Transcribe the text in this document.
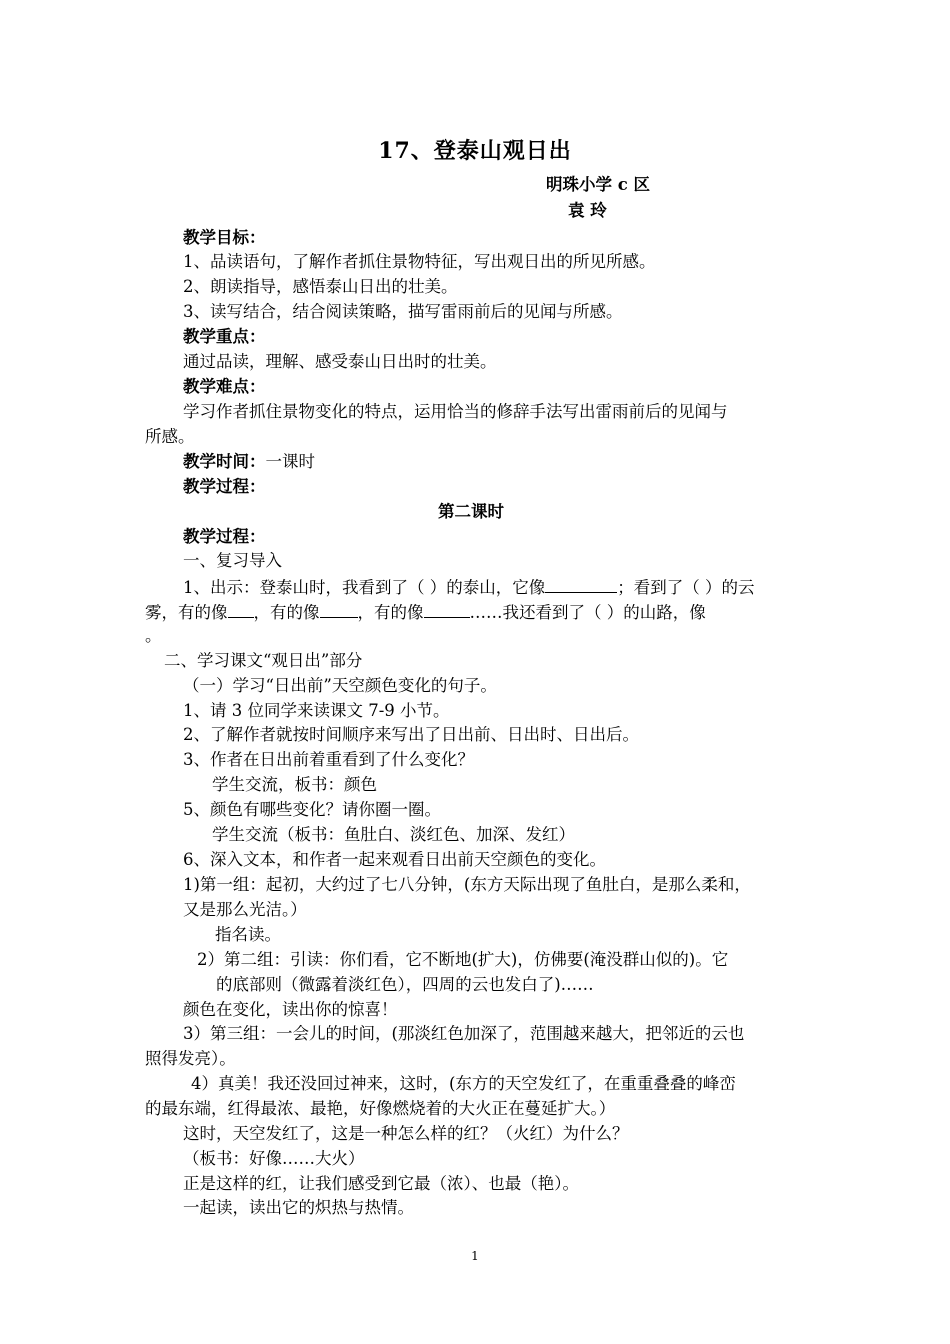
17、登泰山观日出
明珠小学 c 区
袁 玲
教学目标：
1、品读语句，了解作者抓住景物特征，写出观日出的所见所感。
2、朗读指导，感悟泰山日出的壮美。
3、读写结合，结合阅读策略，描写雷雨前后的见闻与所感。
教学重点：
通过品读，理解、感受泰山日出时的壮美。
教学难点：
学习作者抓住景物变化的特点，运用恰当的修辞手法写出雷雨前后的见闻与
所感。
教学时间：一课时
教学过程：
第二课时
教学过程：
一、复习导入
1、出示：登泰山时，我看到了（ ）的泰山，它像	；看到了（ ）的云
雾，有的像 ，有的像 ，有的像	……我还看到了（ ）的山路，像
。
二、学习课文“观日出”部分
（一）学习“日出前”天空颜色变化的句子。
1、请 3 位同学来读课文 7-9 小节。
2、了解作者就按时间顺序来写出了日出前、日出时、日出后。
3、作者在日出前着重看到了什么变化？
学生交流，板书：颜色
5、颜色有哪些变化？请你圈一圈。
学生交流（板书：鱼肚白、淡红色、加深、发红）
6、深入文本，和作者一起来观看日出前天空颜色的变化。
1)第一组：起初，大约过了七八分钟，(东方天际出现了鱼肚白，是那么柔和，
又是那么光洁。）
指名读。
2）第二组：引读：你们看，它不断地(扩大)，仿佛要(淹没群山似的)。它
的底部则（微露着淡红色），四周的云也发白了)……
颜色在变化，读出你的惊喜！
3）第三组：一会儿的时间，(那淡红色加深了，范围越来越大，把邻近的云也
照得发亮）。
4）真美！我还没回过神来，这时，(东方的天空发红了，在重重叠叠的峰峦
的最东端，红得最浓、最艳，好像燃烧着的大火正在蔓延扩大。）
这时，天空发红了，这是一种怎么样的红？（火红）为什么？
（板书：好像……大火）
正是这样的红，让我们感受到它最（浓）、也最（艳）。
一起读，读出它的炽热与热情。
1
